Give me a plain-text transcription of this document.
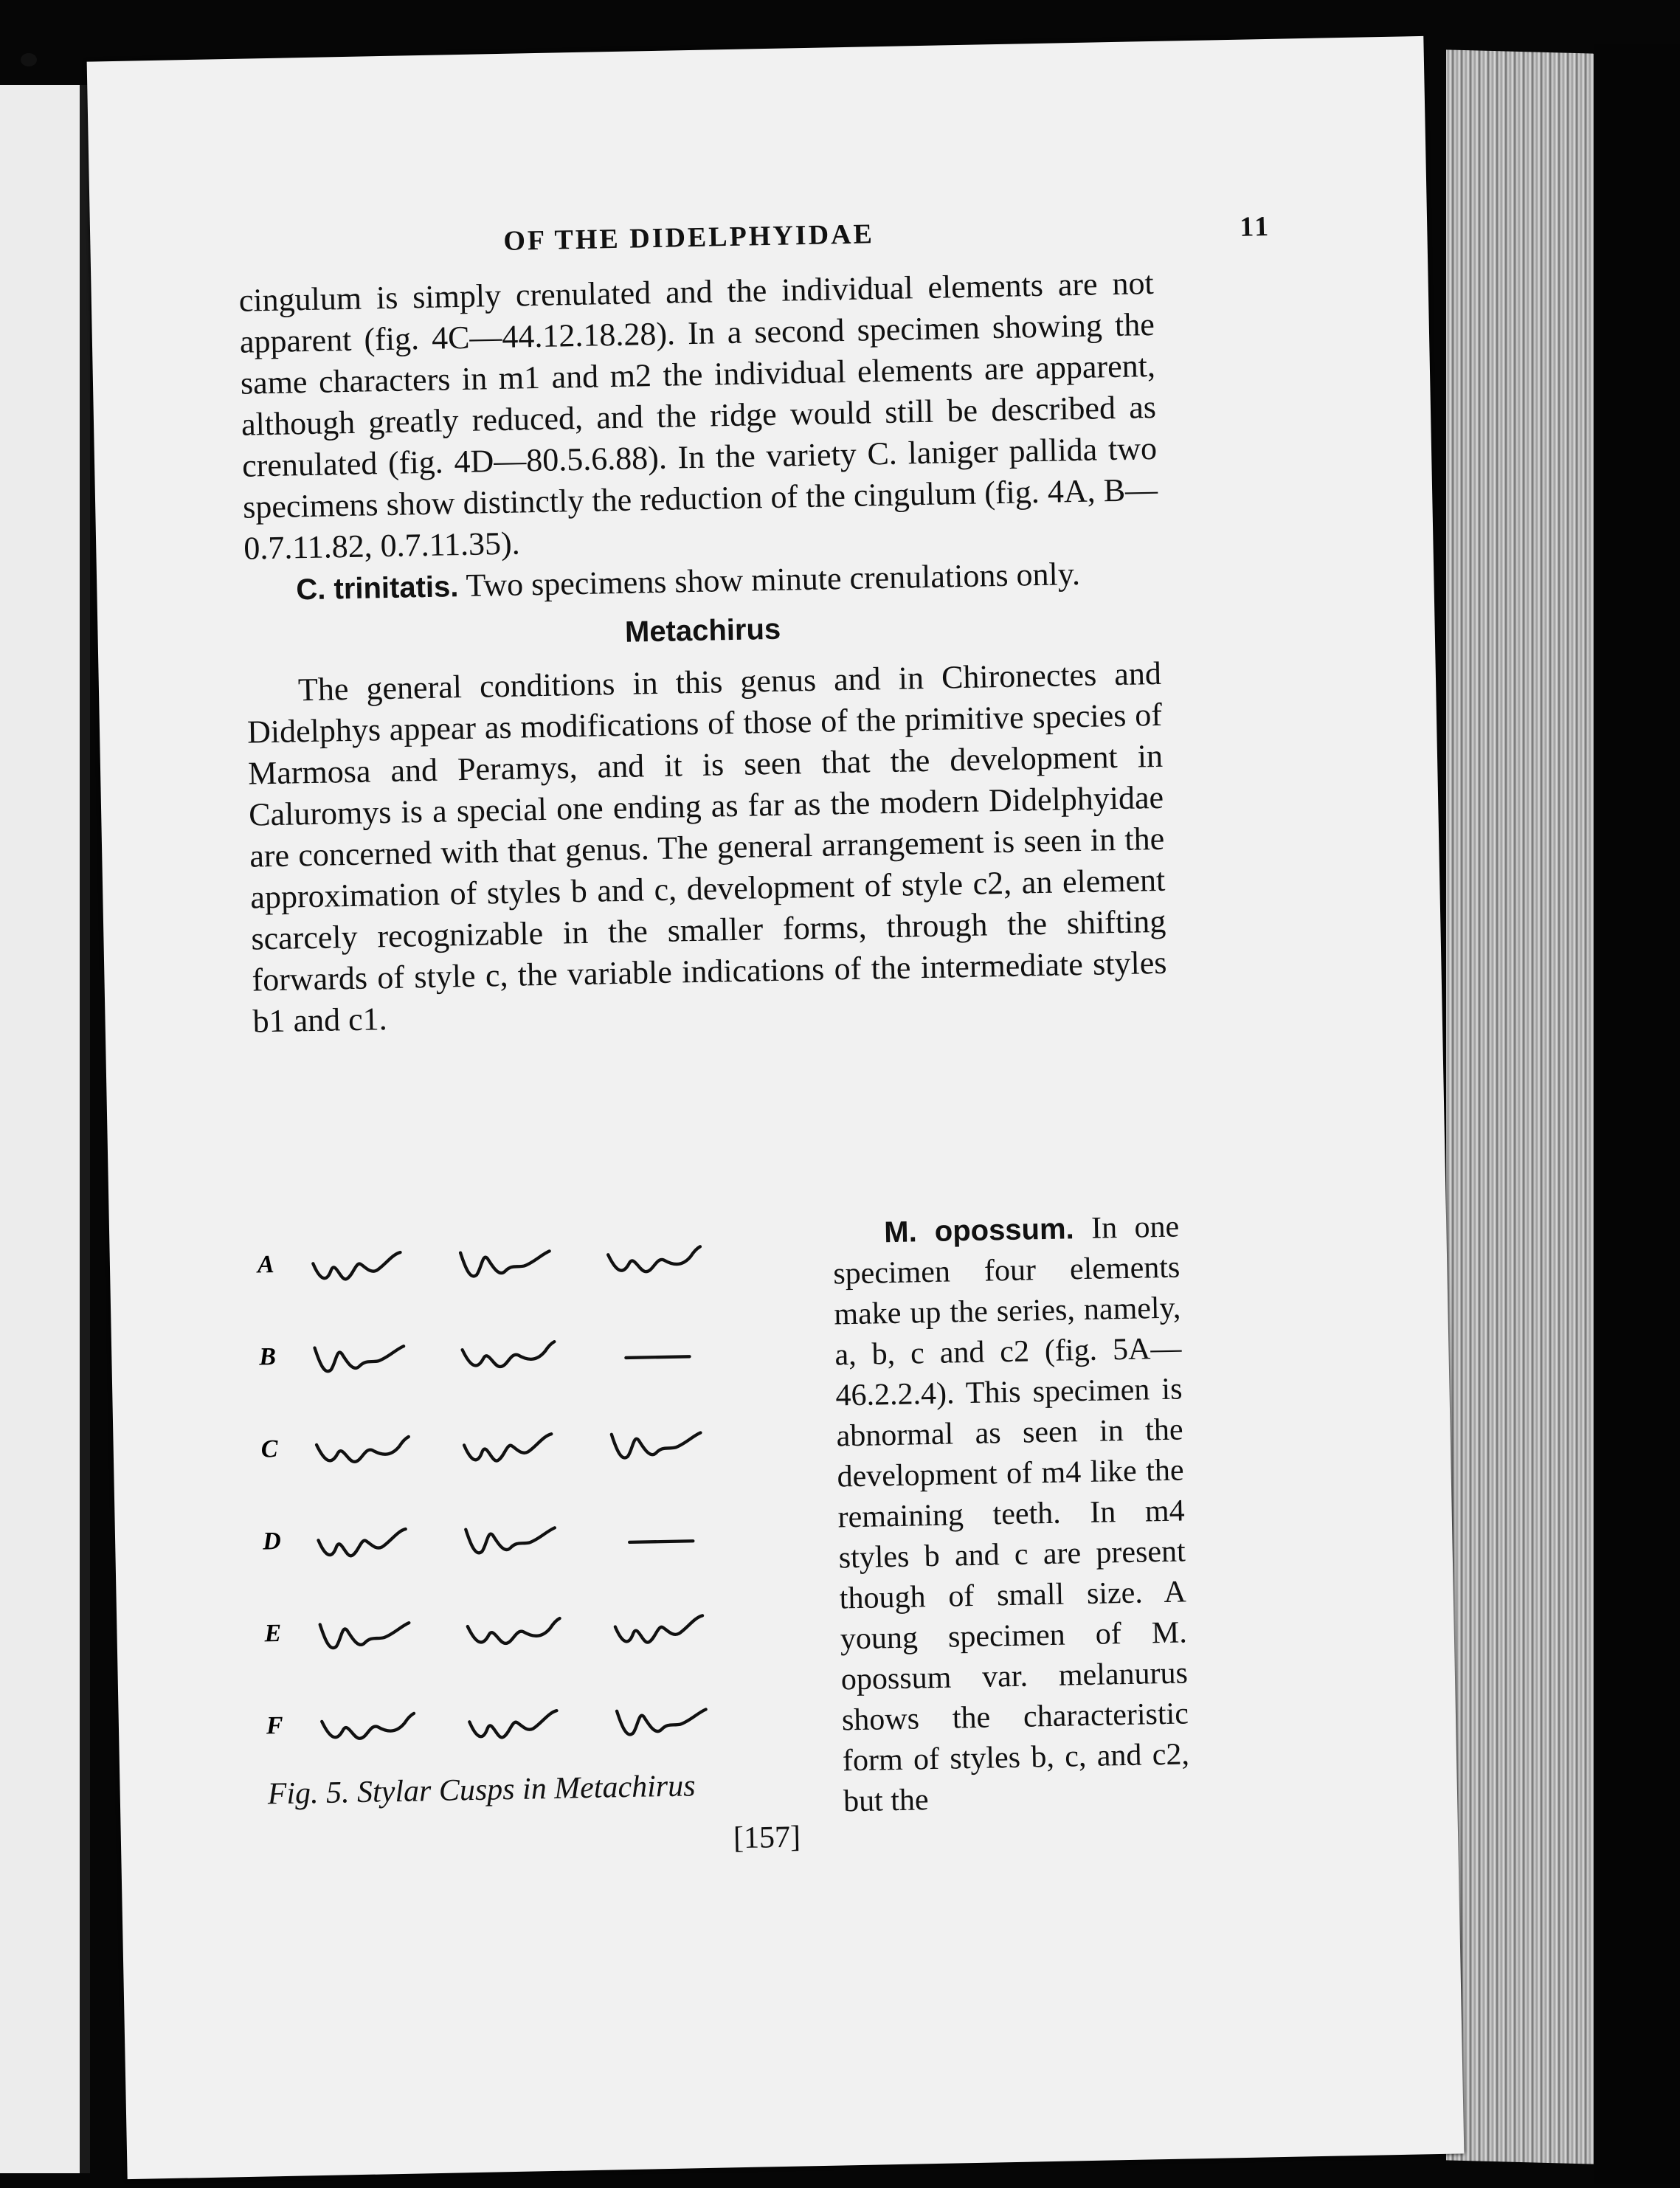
OF THE DIDELPHYIDAE	11

cingulum is simply crenulated and the individual elements are not apparent (fig. 4C—44.12.18.28). In a second specimen showing the same characters in m1 and m2 the individual elements are apparent, although greatly reduced, and the ridge would still be described as crenulated (fig. 4D—80.5.6.88). In the variety C. laniger pallida two specimens show distinctly the reduction of the cingulum (fig. 4A, B—0.7.11.82, 0.7.11.35).

C. trinitatis. Two specimens show minute crenulations only.

Metachirus

The general conditions in this genus and in Chironectes and Didelphys appear as modifications of those of the primitive species of Marmosa and Peramys, and it is seen that the development in Caluromys is a special one ending as far as the modern Didelphyidae are concerned with that genus. The general arrangement is seen in the approximation of styles b and c, development of style c2, an element scarcely recognizable in the smaller forms, through the shifting forwards of style c, the variable indications of the intermediate styles b1 and c1.

A
B
C
D
E
F
Fig. 5. Stylar Cusps in Metachirus
[157]

M. opossum. In one specimen four elements make up the series, namely, a, b, c and c2 (fig. 5A—46.2.2.4). This specimen is abnormal as seen in the development of m4 like the remaining teeth. In m4 styles b and c are present though of small size. A young specimen of M. opossum var. melanurus shows the characteristic form of styles b, c, and c2, but the
